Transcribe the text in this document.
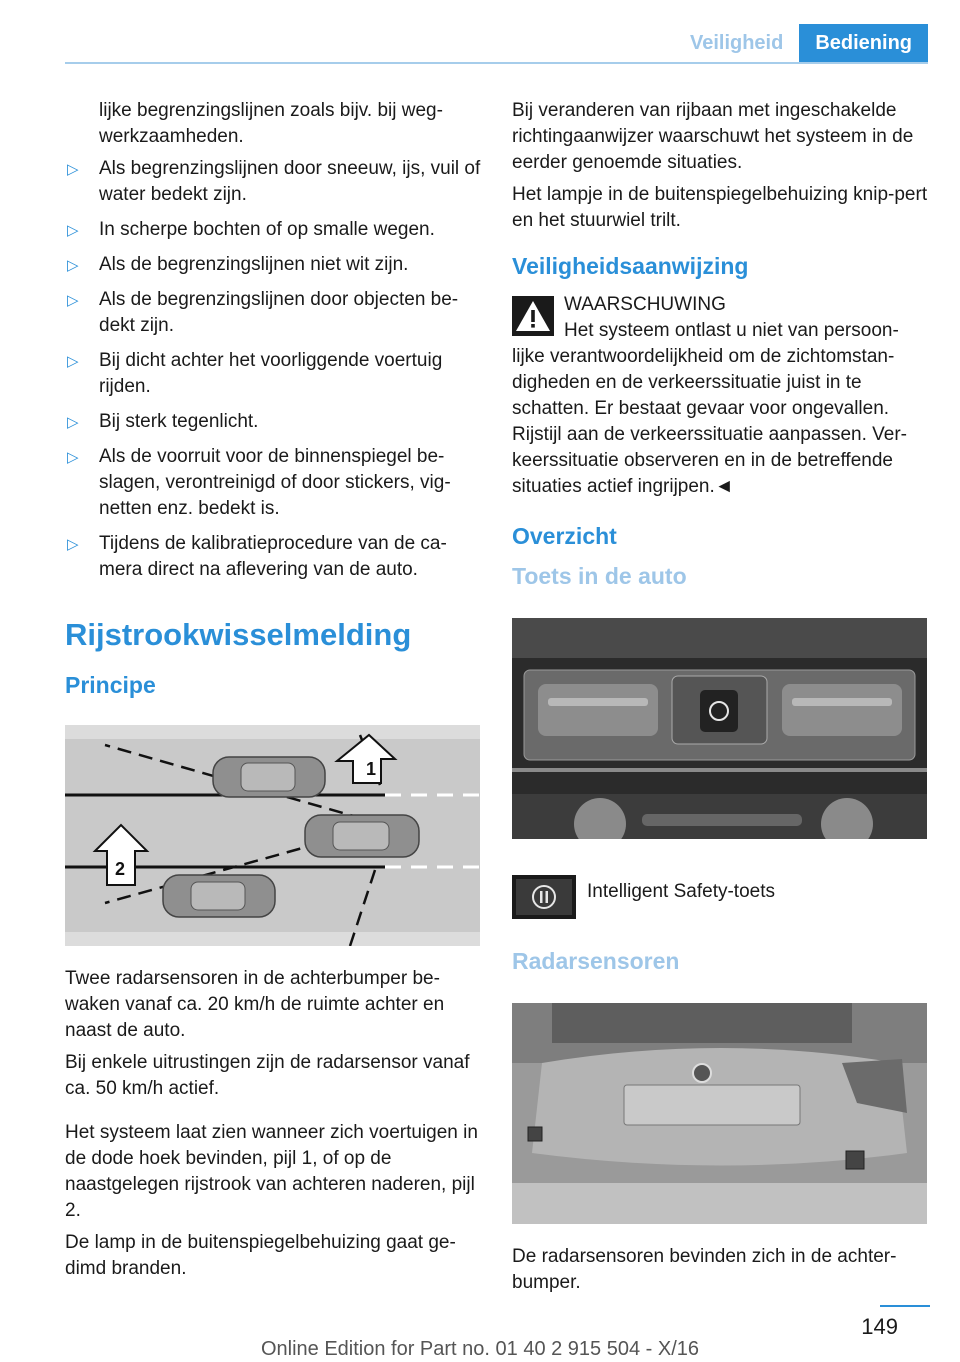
Veiligheid	Bediening

lijke begrenzingslijnen zoals bijv. bij weg-werkzaamheden.

▷ Als begrenzingslijnen door sneeuw, ijs, vuil of water bedekt zijn.
▷ In scherpe bochten of op smalle wegen.
▷ Als de begrenzingslijnen niet wit zijn.
▷ Als de begrenzingslijnen door objecten be-dekt zijn.
▷ Bij dicht achter het voorliggende voertuig rijden.
▷ Bij sterk tegenlicht.
▷ Als de voorruit voor de binnenspiegel be-slagen, verontreinigd of door stickers, vig-netten enz. bedekt is.
▷ Tijdens de kalibratieprocedure van de ca-mera direct na aflevering van de auto.
Rijstrookwisselmelding
Principe
1
2

Twee radarsensoren in de achterbumper be-waken vanaf ca. 20 km/h de ruimte achter en naast de auto.

Bij enkele uitrustingen zijn de radarsensor vanaf ca. 50 km/h actief.

Het systeem laat zien wanneer zich voertuigen in de dode hoek bevinden, pijl 1, of op de naastgelegen rijstrook van achteren naderen, pijl 2.

De lamp in de buitenspiegelbehuizing gaat ge-dimd branden.

Bij veranderen van rijbaan met ingeschakelde richtingaanwijzer waarschuwt het systeem in de eerder genoemde situaties.

Het lampje in de buitenspiegelbehuizing knip-pert en het stuurwiel trilt.

Veiligheidsaanwijzing
WAARSCHUWING
Het systeem ontlast u niet van persoon-

lijke verantwoordelijkheid om de zichtomstan-digheden en de verkeerssituatie juist in te schatten. Er bestaat gevaar voor ongevallen. Rijstijl aan de verkeerssituatie aanpassen. Ver-keerssituatie observeren en in de betreffende situaties actief ingrijpen.◄

Overzicht
Toets in de auto
Intelligent Safety-toets
Radarsensoren

De radarsensoren bevinden zich in de achter-bumper.

149
Online Edition for Part no. 01 40 2 915 504 - X/16
